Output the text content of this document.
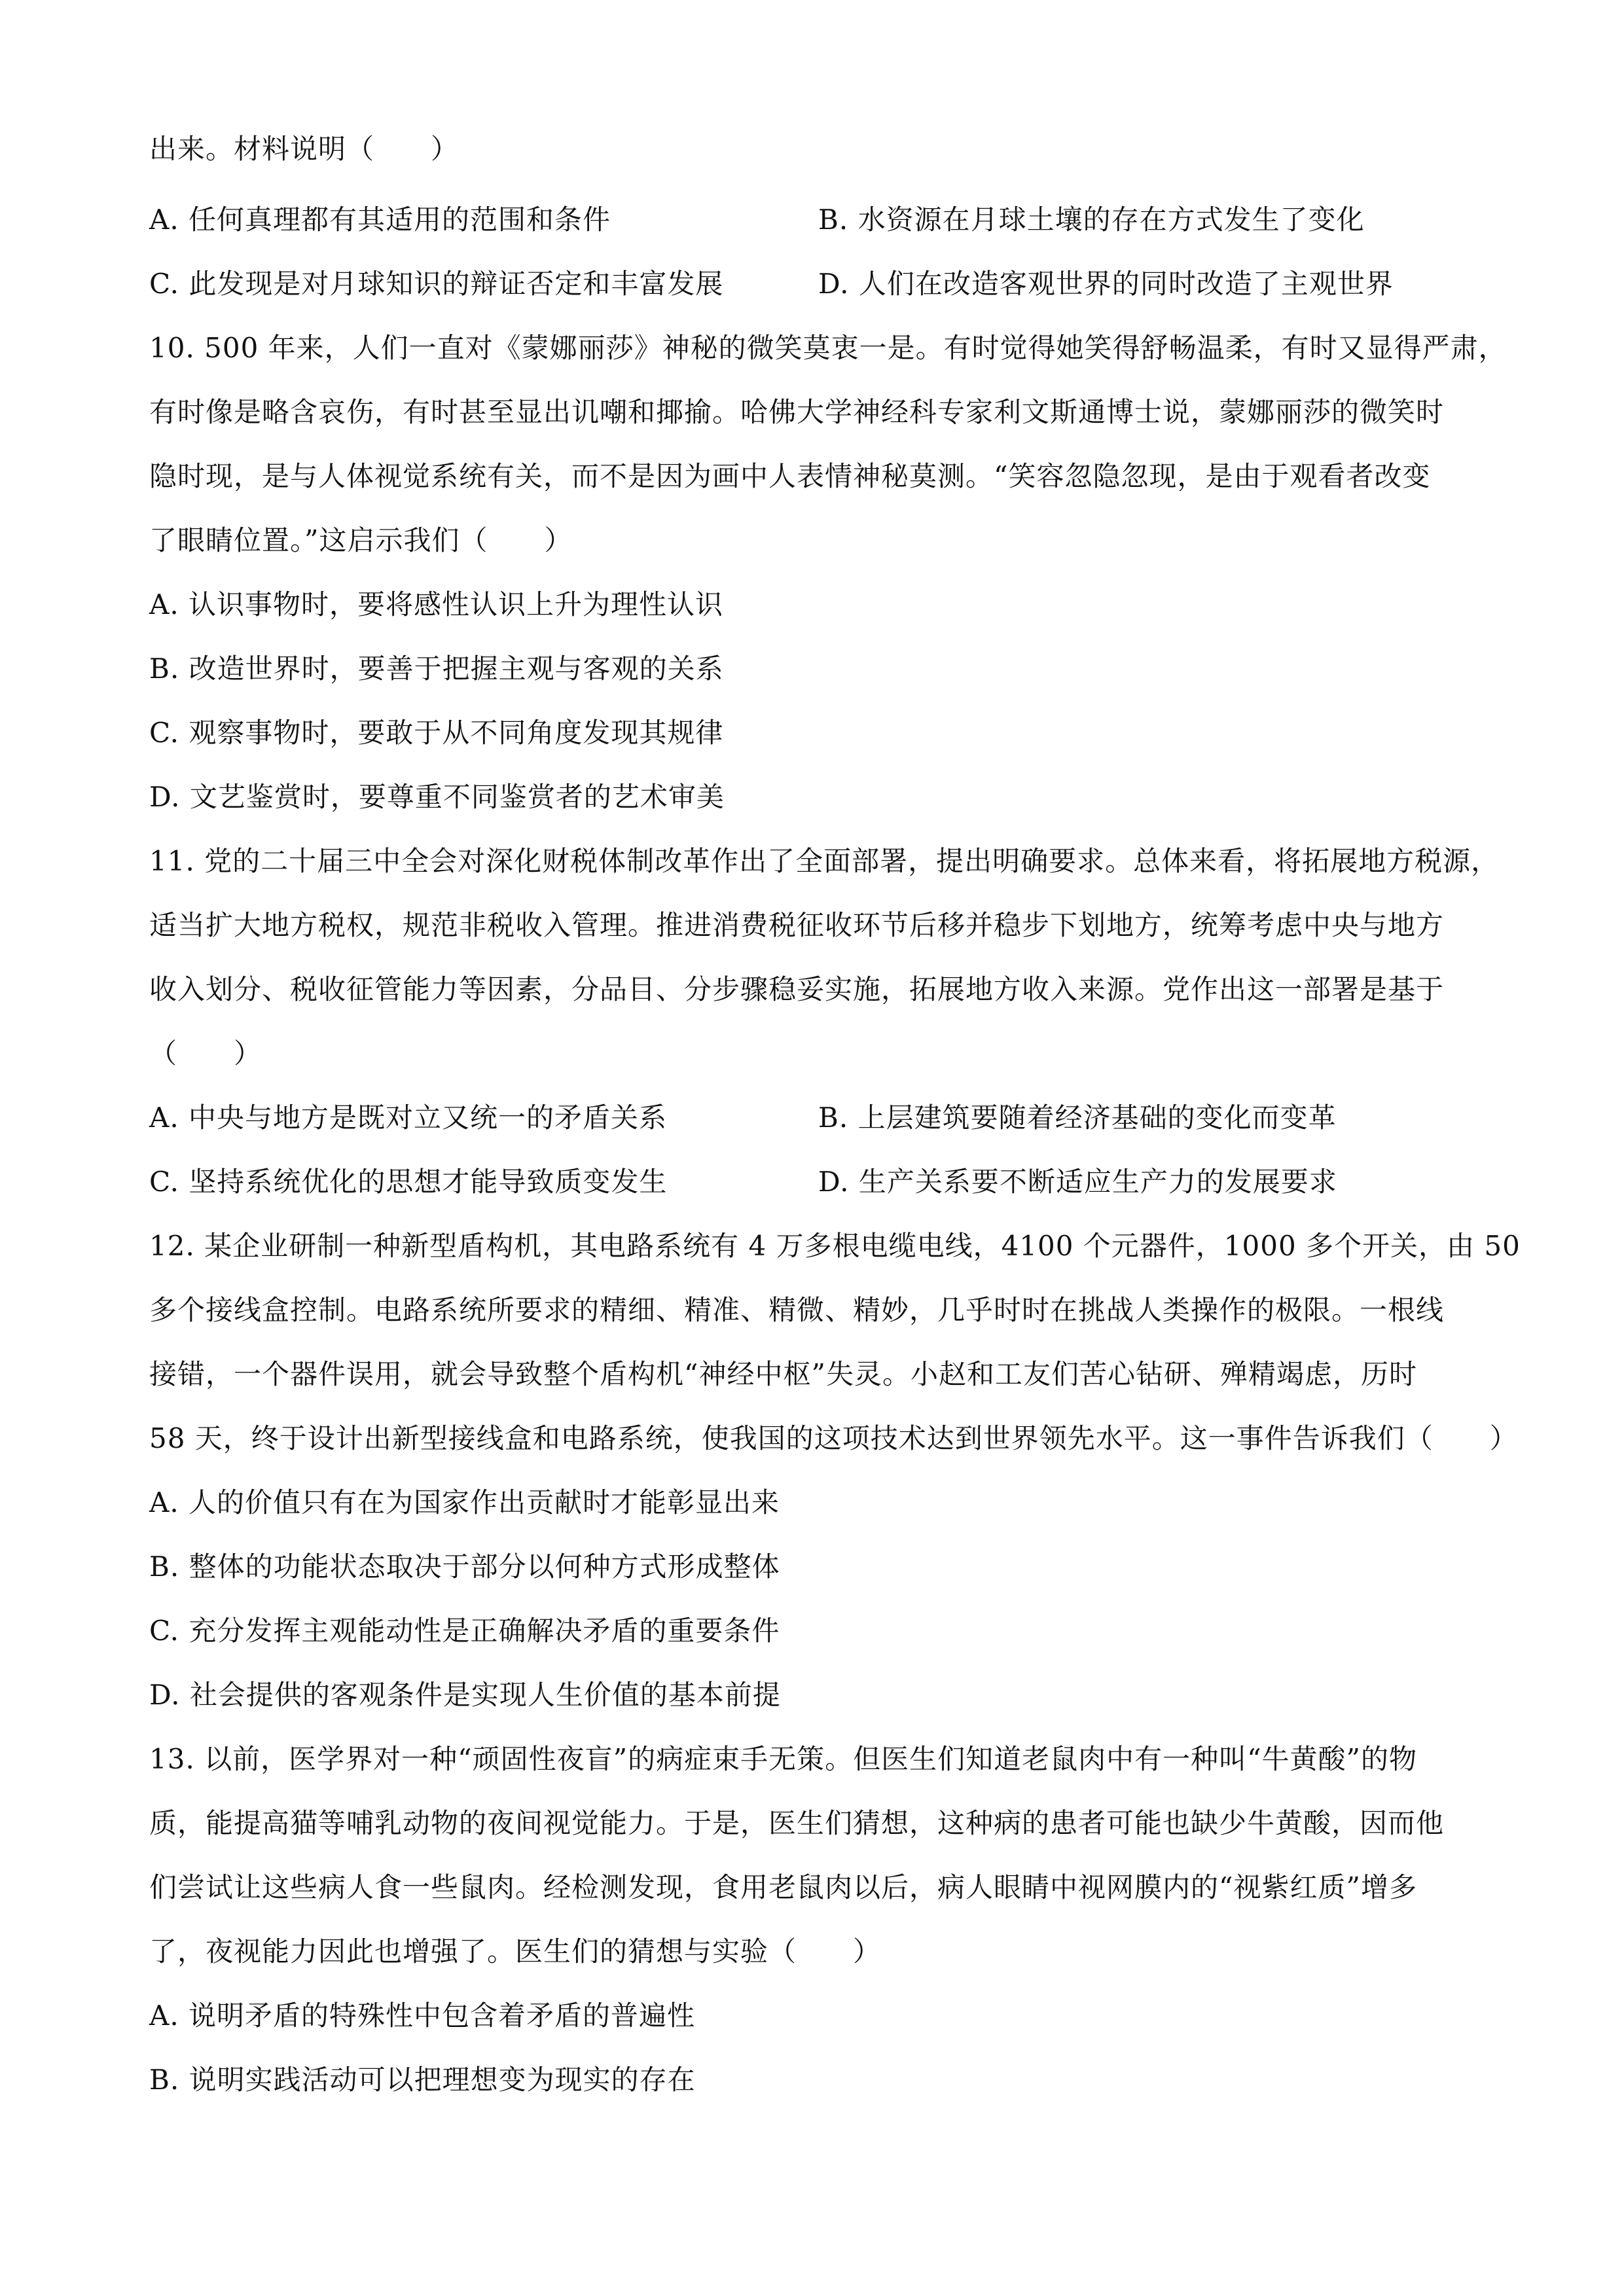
出来。材料说明（　　）
A. 任何真理都有其适用的范围和条件	B. 水资源在月球土壤的存在方式发生了变化
C. 此发现是对月球知识的辩证否定和丰富发展	D. 人们在改造客观世界的同时改造了主观世界
10. 500 年来，人们一直对《蒙娜丽莎》神秘的微笑莫衷一是。有时觉得她笑得舒畅温柔，有时又显得严肃，
有时像是略含哀伤，有时甚至显出讥嘲和揶揄。哈佛大学神经科专家利文斯通博士说，蒙娜丽莎的微笑时
隐时现，是与人体视觉系统有关，而不是因为画中人表情神秘莫测。“笑容忽隐忽现，是由于观看者改变
了眼睛位置。”这启示我们（　　）
A. 认识事物时，要将感性认识上升为理性认识
B. 改造世界时，要善于把握主观与客观的关系
C. 观察事物时，要敢于从不同角度发现其规律
D. 文艺鉴赏时，要尊重不同鉴赏者的艺术审美
11. 党的二十届三中全会对深化财税体制改革作出了全面部署，提出明确要求。总体来看，将拓展地方税源，
适当扩大地方税权，规范非税收入管理。推进消费税征收环节后移并稳步下划地方，统筹考虑中央与地方
收入划分、税收征管能力等因素，分品目、分步骤稳妥实施，拓展地方收入来源。党作出这一部署是基于
（　　）
A. 中央与地方是既对立又统一的矛盾关系	B. 上层建筑要随着经济基础的变化而变革
C. 坚持系统优化的思想才能导致质变发生	D. 生产关系要不断适应生产力的发展要求
12. 某企业研制一种新型盾构机，其电路系统有 4 万多根电缆电线，4100 个元器件，1000 多个开关，由 50
多个接线盒控制。电路系统所要求的精细、精准、精微、精妙，几乎时时在挑战人类操作的极限。一根线
接错，一个器件误用，就会导致整个盾构机“神经中枢”失灵。小赵和工友们苦心钻研、殚精竭虑，历时
58 天，终于设计出新型接线盒和电路系统，使我国的这项技术达到世界领先水平。这一事件告诉我们（　　）
A. 人的价值只有在为国家作出贡献时才能彰显出来
B. 整体的功能状态取决于部分以何种方式形成整体
C. 充分发挥主观能动性是正确解决矛盾的重要条件
D. 社会提供的客观条件是实现人生价值的基本前提
13. 以前，医学界对一种“顽固性夜盲”的病症束手无策。但医生们知道老鼠肉中有一种叫“牛黄酸”的物
质，能提高猫等哺乳动物的夜间视觉能力。于是，医生们猜想，这种病的患者可能也缺少牛黄酸，因而他
们尝试让这些病人食一些鼠肉。经检测发现，食用老鼠肉以后，病人眼睛中视网膜内的“视紫红质”增多
了，夜视能力因此也增强了。医生们的猜想与实验（　　）
A. 说明矛盾的特殊性中包含着矛盾的普遍性
B. 说明实践活动可以把理想变为现实的存在
